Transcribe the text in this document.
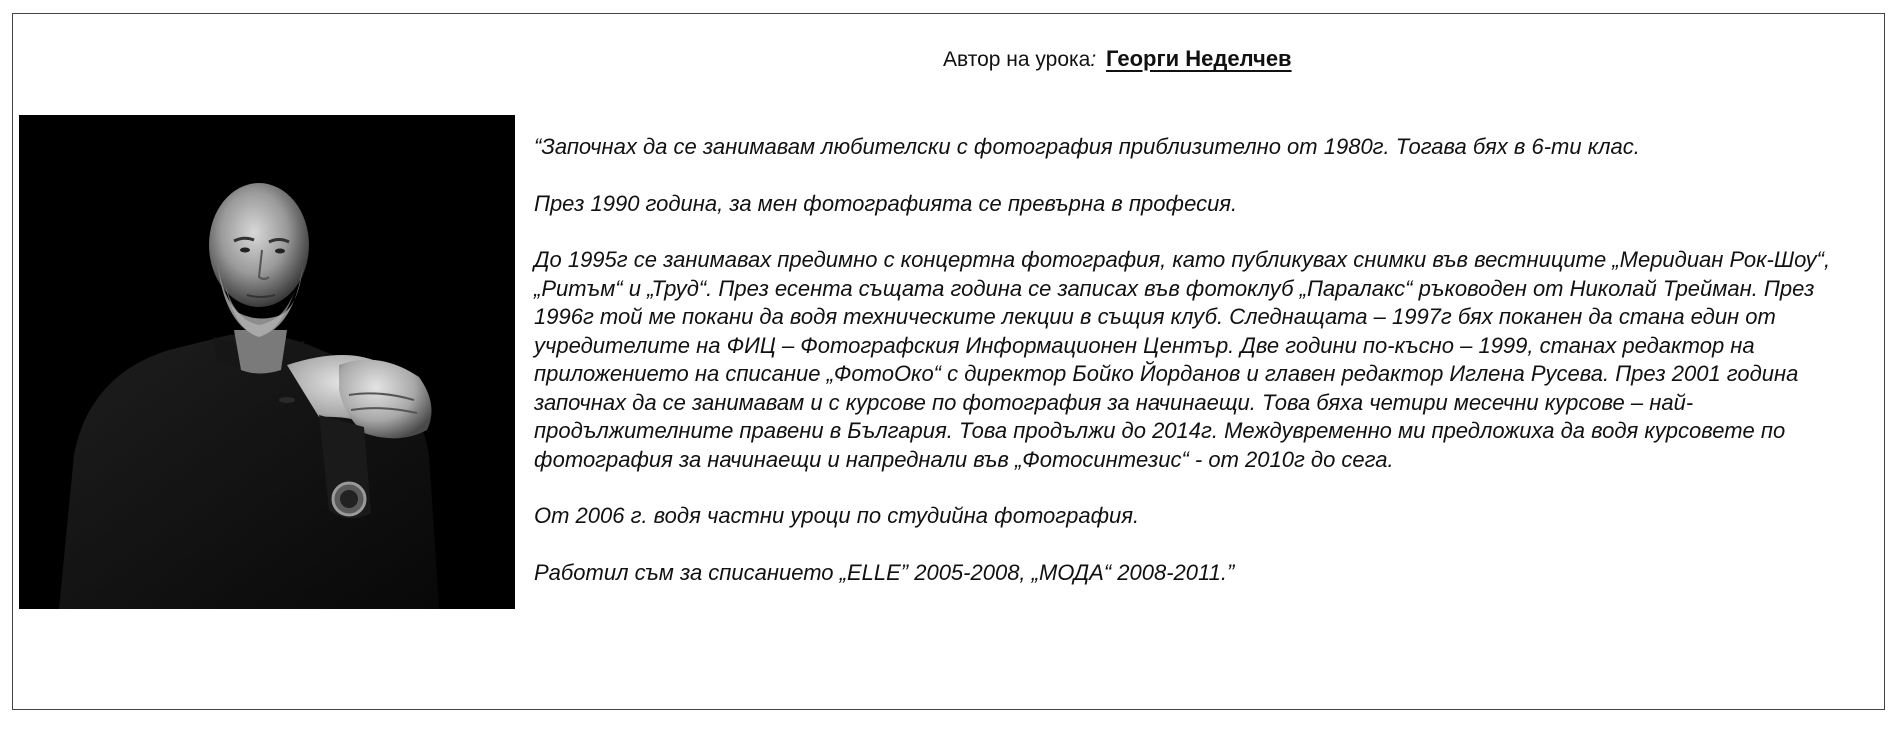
Автор на урока: Георги Неделчев

“Започнах да се занимавам любителски с фотография приблизително от 1980г. Тогава бях в 6-ти клас.

През 1990 година, за мен фотографията се превърна в професия.

До 1995г се занимавах предимно с концертна фотография, като публикувах снимки във вестниците „Меридиан Рок-Шоу“, „Ритъм“ и „Труд“. През есента същата година се записах във фотоклуб „Паралакс“ ръководен от Николай Трейман. През 1996г той ме покани да водя техническите лекции в същия клуб. Следнащата – 1997г бях поканен да стана един от учредителите на ФИЦ – Фотографския Информационен Център. Две години по-късно – 1999, станах редактор на приложението на списание „ФотоОко“ с директор Бойко Йорданов и главен редактор Иглена Русева. През 2001 година започнах да се занимавам и с курсове по фотография за начинаещи. Това бяха четири месечни курсове – най-продължителните правени в България. Това продължи до 2014г. Междувременно ми предложиха да водя курсовете по фотография за начинаещи и напреднали във „Фотосинтезис“ - от 2010г до сега.

От 2006 г. водя частни уроци по студийна фотография.

Работил съм за списанието „ELLE” 2005-2008, „МОДА“ 2008-2011.”
